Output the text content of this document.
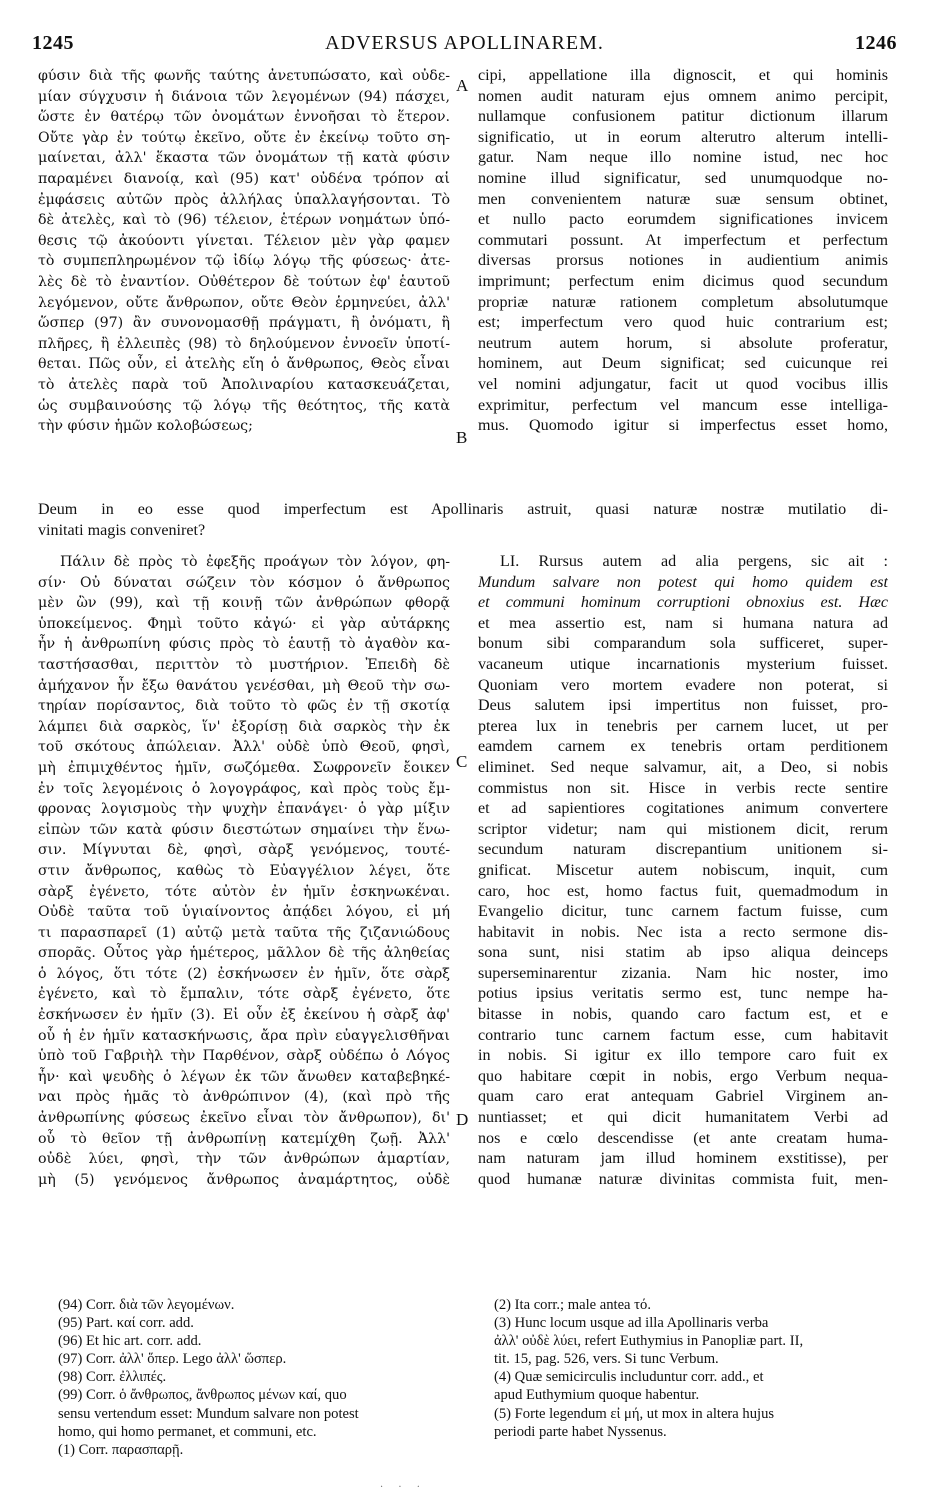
1245	ADVERSUS APOLLINAREM.	1246
A
B
C
D
φύσιν διὰ τῆς φωνῆς ταύτης ἀνετυπώσατο, καὶ οὐδε-
μίαν σύγχυσιν ἡ διάνοια τῶν λεγομένων (94) πάσχει,
ὥστε ἐν θατέρῳ τῶν ὀνομάτων ἐννοῆσαι τὸ ἕτερον.
Οὔτε γὰρ ἐν τούτῳ ἐκεῖνο, οὔτε ἐν ἐκείνῳ τοῦτο ση-
μαίνεται, ἀλλ' ἕκαστα τῶν ὀνομάτων τῇ κατὰ φύσιν
παραμένει διανοίᾳ, καὶ (95) κατ' οὐδένα τρόπον αἱ
ἐμφάσεις αὐτῶν πρὸς ἀλλήλας ὑπαλλαγήσονται. Τὸ
δὲ ἀτελὲς, καὶ τὸ (96) τέλειον, ἑτέρων νοημάτων ὑπό-
θεσις τῷ ἀκούοντι γίνεται. Τέλειον μὲν γὰρ φαμεν
τὸ συμπεπληρωμένον τῷ ἰδίῳ λόγῳ τῆς φύσεως· ἀτε-
λὲς δὲ τὸ ἐναντίον. Οὐθέτερον δὲ τούτων ἐφ' ἑαυτοῦ
λεγόμενον, οὔτε ἄνθρωπον, οὔτε Θεὸν ἑρμηνεύει, ἀλλ'
ὥσπερ (97) ἂν συνονομασθῇ πράγματι, ἢ ὀνόματι, ἢ
πλῆρες, ἢ ἐλλειπὲς (98) τὸ δηλούμενον ἐννοεῖν ὑποτί-
θεται. Πῶς οὖν, εἰ ἀτελὴς εἴη ὁ ἄνθρωπος, Θεὸς εἶναι
τὸ ἀτελὲς παρὰ τοῦ Ἀπολιναρίου κατασκευάζεται,
ὡς συμβαινούσης τῷ λόγῳ τῆς θεότητος, τῆς κατὰ
τὴν φύσιν ἡμῶν κολοβώσεως;
cipi, appellatione illa dignoscit, et qui hominis
nomen audit naturam ejus omnem animo percipit,
nullamque confusionem patitur dictionum illarum
significatio, ut in eorum alterutro alterum intelli-
gatur. Nam neque illo nomine istud, nec hoc
nomine illud significatur, sed unumquodque no-
men convenientem naturæ suæ sensum obtinet,
et nullo pacto eorumdem significationes invicem
commutari possunt. At imperfectum et perfectum
diversas prorsus notiones in audientium animis
imprimunt; perfectum enim dicimus quod secundum
propriæ naturæ rationem completum absolutumque
est; imperfectum vero quod huic contrarium est;
neutrum autem horum, si absolute proferatur,
hominem, aut Deum significat; sed cuicunque rei
vel nomini adjungatur, facit ut quod vocibus illis
exprimitur, perfectum vel mancum esse intelliga-
mus. Quomodo igitur si imperfectus esset homo,
Deum in eo esse quod imperfectum est Apollinaris astruit, quasi naturæ nostræ mutilatio di-
vinitati magis conveniret?
Πάλιν δὲ πρὸς τὸ ἐφεξῆς προάγων τὸν λόγον, φη-
σίν· Οὐ δύναται σώζειν τὸν κόσμον ὁ ἄνθρωπος
μὲν ὢν (99), καὶ τῇ κοινῇ τῶν ἀνθρώπων φθορᾷ
ὑποκείμενος. Φημὶ τοῦτο κἀγώ· εἰ γὰρ αὐτάρκης
ἦν ἡ ἀνθρωπίνη φύσις πρὸς τὸ ἑαυτῇ τὸ ἀγαθὸν κα-
ταστήσασθαι, περιττὸν τὸ μυστήριον. Ἐπειδὴ δὲ
ἀμήχανον ἦν ἔξω θανάτου γενέσθαι, μὴ Θεοῦ τὴν σω-
τηρίαν πορίσαντος, διὰ τοῦτο τὸ φῶς ἐν τῇ σκοτίᾳ
λάμπει διὰ σαρκὸς, ἵν' ἐξορίσῃ διὰ σαρκὸς τὴν ἐκ
τοῦ σκότους ἀπώλειαν. Ἀλλ' οὐδὲ ὑπὸ Θεοῦ, φησὶ,
μὴ ἐπιμιχθέντος ἡμῖν, σωζόμεθα. Σωφρονεῖν ἔοικεν
ἐν τοῖς λεγομένοις ὁ λογογράφος, καὶ πρὸς τοὺς ἔμ-
φρονας λογισμοὺς τὴν ψυχὴν ἐπανάγει· ὁ γὰρ μίξιν
εἰπὼν τῶν κατὰ φύσιν διεστώτων σημαίνει τὴν ἕνω-
σιν. Μίγνυται δὲ, φησὶ, σὰρξ γενόμενος, τουτέ-
στιν ἄνθρωπος, καθὼς τὸ Εὐαγγέλιον λέγει, ὅτε
σὰρξ ἐγένετο, τότε αὐτὸν ἐν ἡμῖν ἐσκηνωκέναι.
Οὐδὲ ταῦτα τοῦ ὑγιαίνοντος ἀπᾴδει λόγου, εἰ μή
τι παρασπαρεῖ (1) αὐτῷ μετὰ ταῦτα τῆς ζιζανιώδους
σπορᾶς. Οὗτος γὰρ ἡμέτερος, μᾶλλον δὲ τῆς ἀληθείας
ὁ λόγος, ὅτι τότε (2) ἐσκήνωσεν ἐν ἡμῖν, ὅτε σὰρξ
ἐγένετο, καὶ τὸ ἔμπαλιν, τότε σὰρξ ἐγένετο, ὅτε
ἐσκήνωσεν ἐν ἡμῖν (3). Εἰ οὖν ἐξ ἐκείνου ἡ σὰρξ ἀφ'
οὗ ἡ ἐν ἡμῖν κατασκήνωσις, ἄρα πρὶν εὐαγγελισθῆναι
ὑπὸ τοῦ Γαβριὴλ τὴν Παρθένον, σὰρξ οὐδέπω ὁ Λόγος
ἦν· καὶ ψευδὴς ὁ λέγων ἐκ τῶν ἄνωθεν καταβεβηκέ-
ναι πρὸς ἡμᾶς τὸ ἀνθρώπινον (4), (καὶ πρὸ τῆς
ἀνθρωπίνης φύσεως ἐκεῖνο εἶναι τὸν ἄνθρωπον), δι'
οὗ τὸ θεῖον τῇ ἀνθρωπίνῃ κατεμίχθη ζωῇ. Ἀλλ'
οὐδὲ λύει, φησὶ, τὴν τῶν ἀνθρώπων ἁμαρτίαν,
μὴ (5) γενόμενος ἄνθρωπος ἀναμάρτητος, οὐδὲ
LI. Rursus autem ad alia pergens, sic ait :
Mundum salvare non potest qui homo quidem est
et communi hominum corruptioni obnoxius est. Hæc
et mea assertio est, nam si humana natura ad
bonum sibi comparandum sola sufficeret, super-
vacaneum utique incarnationis mysterium fuisset.
Quoniam vero mortem evadere non poterat, si
Deus salutem ipsi impertitus non fuisset, pro-
pterea lux in tenebris per carnem lucet, ut per
eamdem carnem ex tenebris ortam perditionem
eliminet. Sed neque salvamur, ait, a Deo, si nobis
commistus non sit. Hisce in verbis recte sentire
et ad sapientiores cogitationes animum convertere
scriptor videtur; nam qui mistionem dicit, rerum
secundum naturam discrepantium unitionem si-
gnificat. Miscetur autem nobiscum, inquit, cum
caro, hoc est, homo factus fuit, quemadmodum in
Evangelio dicitur, tunc carnem factum fuisse, cum
habitavit in nobis. Nec ista a recto sermone dis-
sona sunt, nisi statim ab ipso aliqua deinceps
superseminarentur zizania. Nam hic noster, imo
potius ipsius veritatis sermo est, tunc nempe ha-
bitasse in nobis, quando caro factum est, et e
contrario tunc carnem factum esse, cum habitavit
in nobis. Si igitur ex illo tempore caro fuit ex
quo habitare cœpit in nobis, ergo Verbum nequa-
quam caro erat antequam Gabriel Virginem an-
nuntiasset; et qui dicit humanitatem Verbi ad
nos e cœlo descendisse (et ante creatam huma-
nam naturam jam illud hominem exstitisse), per
quod humanæ naturæ divinitas commista fuit, men-
(94) Corr. διὰ τῶν λεγομένων.
(95) Part. καί corr. add.
(96) Et hic art. corr. add.
(97) Corr. ἀλλ' ὅπερ. Lego ἀλλ' ὥσπερ.
(98) Corr. ἐλλιπές.
(99) Corr. ὁ ἄνθρωπος, ἄνθρωπος μένων καί, quo
sensu vertendum esset: Mundum salvare non potest
homo, qui homo permanet, et communi, etc.
(1) Corr. παρασπαρῇ.
(2) Ita corr.; male antea τό.
(3) Hunc locum usque ad illa Apollinaris verba
ἀλλ' οὐδὲ λύει, refert Euthymius in Panopliæ part. II,
tit. 15, pag. 526, vers. Si tunc Verbum.
(4) Quæ semicirculis includuntur corr. add., et
apud Euthymium quoque habentur.
(5) Forte legendum εἰ μή, ut mox in altera hujus
periodi parte habet Nyssenus.
· · ·
